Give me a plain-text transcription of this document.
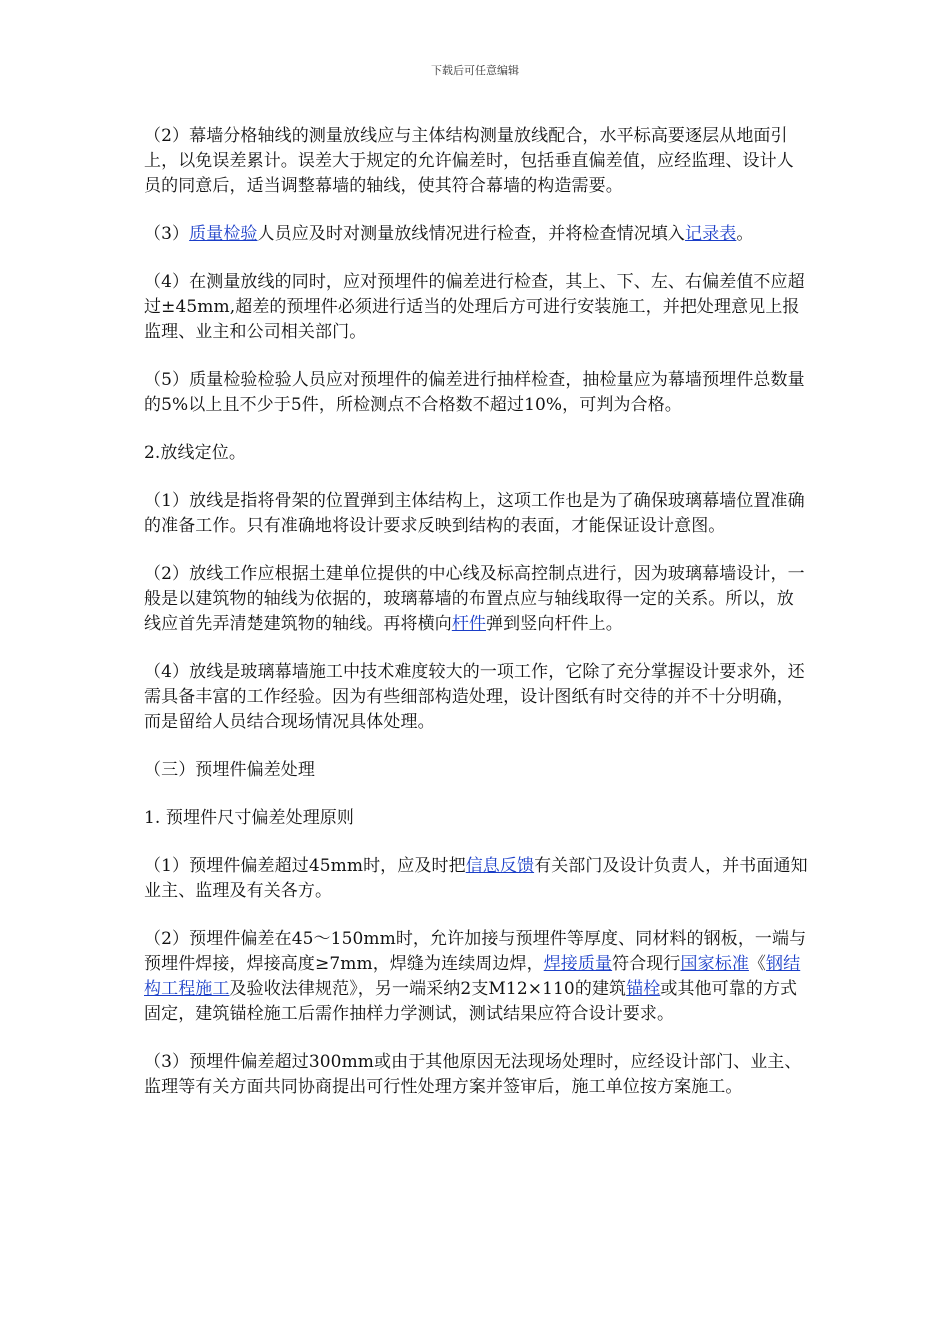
下载后可任意编辑

（2）幕墙分格轴线的测量放线应与主体结构测量放线配合，水平标高要逐层从地面引上，以免误差累计。误差大于规定的允许偏差时，包括垂直偏差值，应经监理、设计人员的同意后，适当调整幕墙的轴线，使其符合幕墙的构造需要。

（3）质量检验人员应及时对测量放线情况进行检查，并将检查情况填入记录表。

（4）在测量放线的同时，应对预埋件的偏差进行检查，其上、下、左、右偏差值不应超过±45mm,超差的预埋件必须进行适当的处理后方可进行安装施工，并把处理意见上报监理、业主和公司相关部门。

（5）质量检验检验人员应对预埋件的偏差进行抽样检查，抽检量应为幕墙预埋件总数量的5%以上且不少于5件，所检测点不合格数不超过10%，可判为合格。

2.放线定位。

（1）放线是指将骨架的位置弹到主体结构上，这项工作也是为了确保玻璃幕墙位置准确的准备工作。只有准确地将设计要求反映到结构的表面，才能保证设计意图。

（2）放线工作应根据土建单位提供的中心线及标高控制点进行，因为玻璃幕墙设计，一般是以建筑物的轴线为依据的，玻璃幕墙的布置点应与轴线取得一定的关系。所以，放线应首先弄清楚建筑物的轴线。再将横向杆件弹到竖向杆件上。

（4）放线是玻璃幕墙施工中技术难度较大的一项工作，它除了充分掌握设计要求外，还需具备丰富的工作经验。因为有些细部构造处理，设计图纸有时交待的并不十分明确，而是留给人员结合现场情况具体处理。

（三）预埋件偏差处理

1. 预埋件尺寸偏差处理原则

（1）预埋件偏差超过45mm时，应及时把信息反馈有关部门及设计负责人，并书面通知业主、监理及有关各方。

（2）预埋件偏差在45～150mm时，允许加接与预埋件等厚度、同材料的钢板，一端与预埋件焊接，焊接高度≥7mm，焊缝为连续周边焊，焊接质量符合现行国家标准《钢结构工程施工及验收法律规范》，另一端采纳2支M12×110的建筑锚栓或其他可靠的方式固定，建筑锚栓施工后需作抽样力学测试，测试结果应符合设计要求。

（3）预埋件偏差超过300mm或由于其他原因无法现场处理时，应经设计部门、业主、监理等有关方面共同协商提出可行性处理方案并签审后，施工单位按方案施工。
